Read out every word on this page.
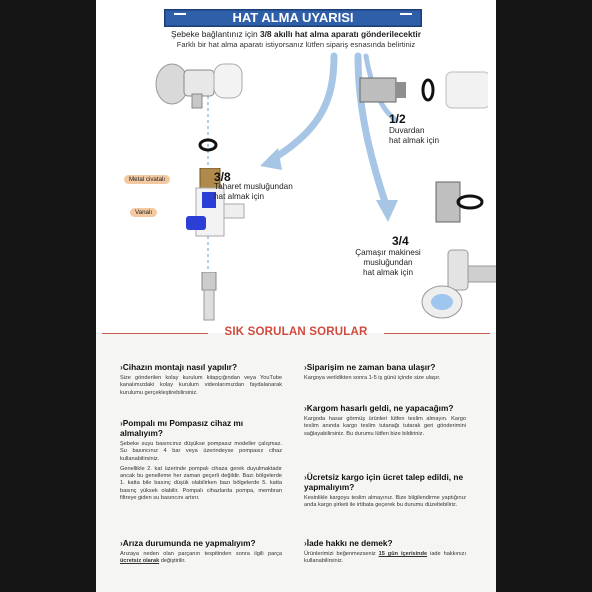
HAT ALMA UYARISI
Şebeke bağlantınız için 3/8 akıllı hat alma aparatı gönderilecektir
Farklı bir hat alma aparatı istiyorsanız lütfen sipariş esnasında belirtiniz
1/2
Duvardan
hat almak için
3/8
Taharet musluğundan
hat almak için
3/4
Çamaşır makinesi
musluğundan
hat almak için
Metal civatalı
Vanalı
SIK SORULAN SORULAR
› Cihazın montajı nasıl yapılır?
Size gönderilen kolay kurulum kitapçığından veya YouTube kanalımızdaki kolay kurulum videolarımızdan faydalanarak kurulumu gerçekleştirebilirsiniz.
› Pompalı mı Pompasız cihaz mı almalıyım?
Şebeke suyu basıncınız düşükse pompasız modeller çalışmaz. Su basıncınız 4 bar veya üzerindeyse pompasız cihaz kullanabilirsiniz.
Genellikle 2. kat üzerinde pompalı cihaza gerek duyulmaktadır ancak bu genelleme her zaman geçerli değildir. Bazı bölgelerde 1. katta bile basınç düşük olabilirken bazı bölgelerde 5. katta basınç yüksek olabilir. Pompalı cihazlarda pompa, membran filtreye giden su basıncını artırır.
› Arıza durumunda ne yapmalıyım?
Arızaya neden olan parçanın tespitinden sonra ilgili parça ücretsiz olarak değiştirilir.
› Siparişim ne zaman bana ulaşır?
Kargoya verildikten sonra 1-5 iş günü içinde size ulaşır.
› Kargom hasarlı geldi, ne yapacağım?
Kargoda hasar görmüş ürünleri lütfen teslim almayın. Kargo teslim anında kargo teslim tutanağı tutarak geri gönderimini sağlayabilirsiniz. Bu durumu lütfen bize bildiriniz.
› Ücretsiz kargo için ücret talep edildi, ne yapmalıyım?
Kesinlikle kargoyu teslim almayınız. Bize bilgilendirme yaptığınız anda kargo şirketi ile irtibata geçerek bu durumu düzeltebiliriz.
› İade hakkı ne demek?
Ürünlerimizi beğenmezseniz 15 gün içerisinde iade hakkınızı kullanabilirsiniz.
